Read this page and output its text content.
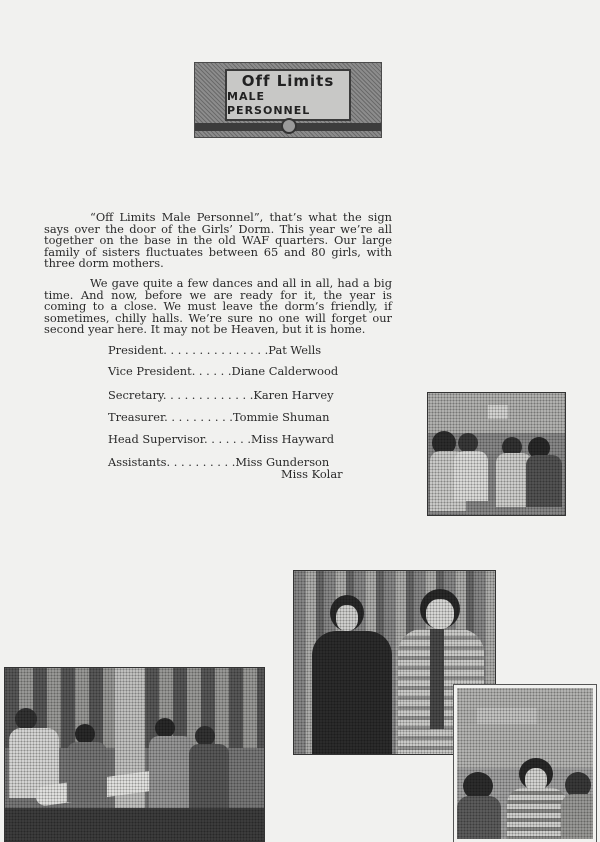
Off Limits
MALE PERSONNEL

“Off Limits Male Personnel”, that’s what the sign says over the door of the Girls’ Dorm. This year we’re all together on the base in the old WAF quarters. Our large family of sisters fluctuates between 65 and 80 girls, with three dorm mothers.

We gave quite a few dances and all in all, had a big time. And now, before we are ready for it, the year is coming to a close. We must leave the dorm’s friendly, if sometimes, chilly halls. We’re sure no one will forget our second year here. It may not be Heaven, but it is home.

President. . . . . . . . . . . . . . .Pat Wells
Vice President. . . . . .Diane Calderwood
Secretary. . . . . . . . . . . . .Karen Harvey
Treasurer. . . . . . . . . .Tommie Shuman
Head Supervisor. . . . . . .Miss Hayward
Assistants. . . . . . . . . .Miss Gunderson
Miss Kolar
